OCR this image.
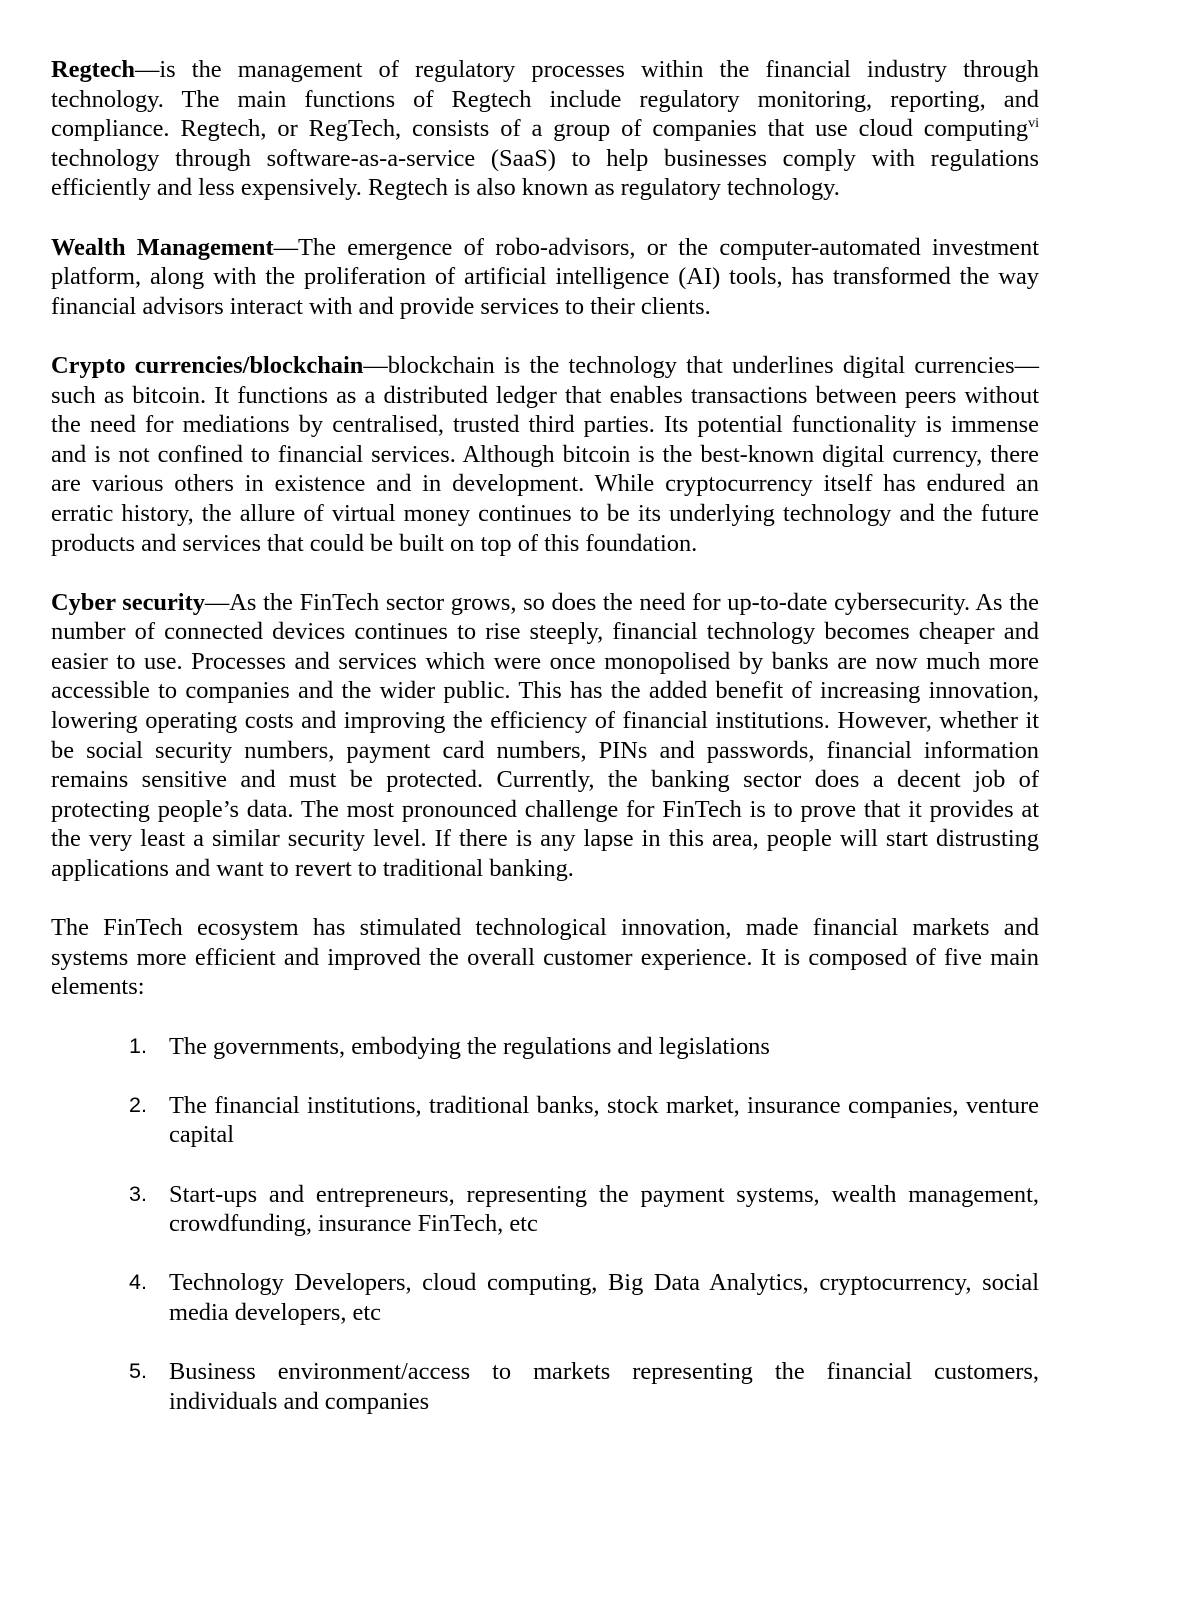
Regtech—is the management of regulatory processes within the financial industry through technology. The main functions of Regtech include regulatory monitoring, reporting, and compliance. Regtech, or RegTech, consists of a group of companies that use cloud computing$^{vi}$ technology through software-as-a-service (SaaS) to help businesses comply with regulations efficiently and less expensively. Regtech is also known as regulatory technology.

Wealth Management—The emergence of robo-advisors, or the computer-automated investment platform, along with the proliferation of artificial intelligence (AI) tools, has transformed the way financial advisors interact with and provide services to their clients.

Crypto currencies/blockchain—blockchain is the technology that underlines digital currencies—such as bitcoin. It functions as a distributed ledger that enables transactions between peers without the need for mediations by centralised, trusted third parties. Its potential functionality is immense and is not confined to financial services. Although bitcoin is the best-known digital currency, there are various others in existence and in development. While cryptocurrency itself has endured an erratic history, the allure of virtual money continues to be its underlying technology and the future products and services that could be built on top of this foundation.

Cyber security—As the FinTech sector grows, so does the need for up-to-date cybersecurity. As the number of connected devices continues to rise steeply, financial technology becomes cheaper and easier to use. Processes and services which were once monopolised by banks are now much more accessible to companies and the wider public. This has the added benefit of increasing innovation, lowering operating costs and improving the efficiency of financial institutions. However, whether it be social security numbers, payment card numbers, PINs and passwords, financial information remains sensitive and must be protected. Currently, the banking sector does a decent job of protecting people’s data. The most pronounced challenge for FinTech is to prove that it provides at the very least a similar security level. If there is any lapse in this area, people will start distrusting applications and want to revert to traditional banking.

The FinTech ecosystem has stimulated technological innovation, made financial markets and systems more efficient and improved the overall customer experience. It is composed of five main elements:

1. The governments, embodying the regulations and legislations
2. The financial institutions, traditional banks, stock market, insurance companies, venture capital
3. Start-ups and entrepreneurs, representing the payment systems, wealth management, crowdfunding, insurance FinTech, etc
4. Technology Developers, cloud computing, Big Data Analytics, cryptocurrency, social media developers, etc
5. Business environment/access to markets representing the financial customers, individuals and companies
